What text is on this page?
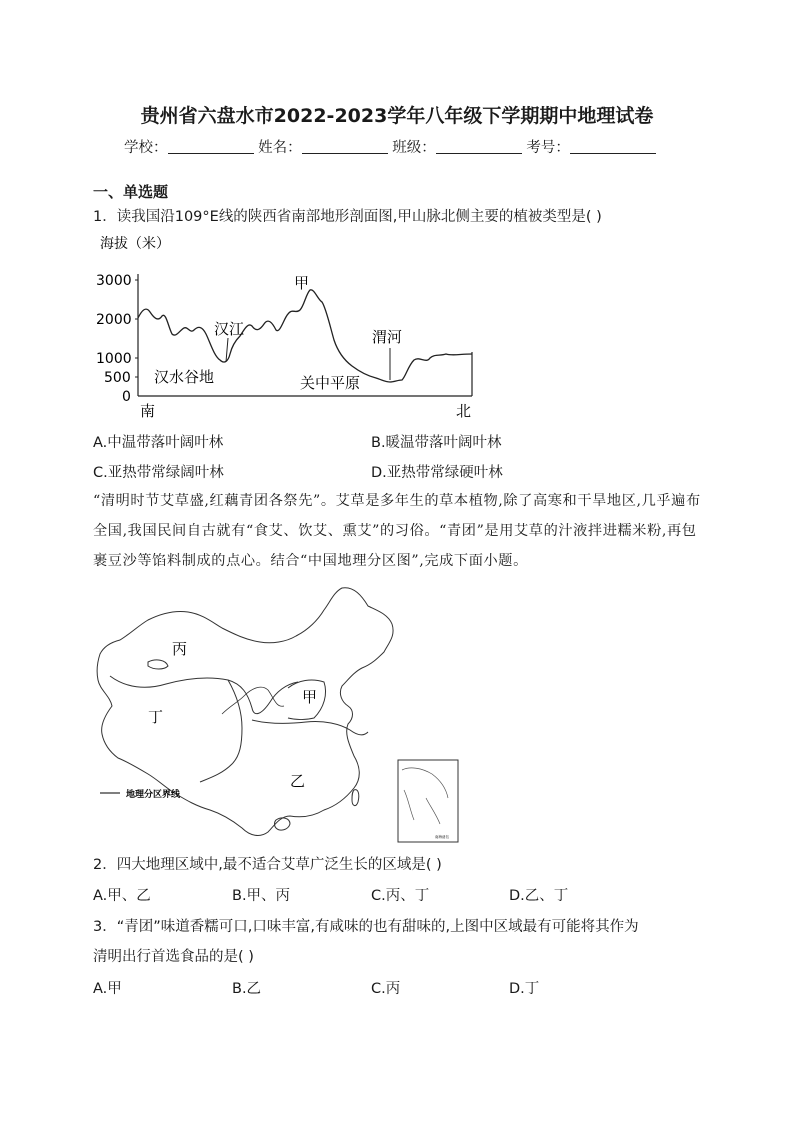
贵州省六盘水市2022-2023学年八年级下学期期中地理试卷
学校：	姓名：	班级：	考号：
一、单选题
1．读我国沿109°E线的陕西省南部地形剖面图,甲山脉北侧主要的植被类型是( )
海拔（米）
3000
2000
1000
500
0
甲
汉江	渭河
汉水谷地	关中平原
南	北
A.中温带落叶阔叶林	B.暖温带落叶阔叶林
C.亚热带常绿阔叶林	D.亚热带常绿硬叶林
“清明时节艾草盛,红藕青团各祭先”。艾草是多年生的草本植物,除了高寒和干旱地区,几乎遍布全国,我国民间自古就有“食艾、饮艾、熏艾”的习俗。“青团”是用艾草的汁液拌进糯米粉,再包裹豆沙等馅料制成的点心。结合“中国地理分区图”,完成下面小题。
丙
甲
丁
乙
地理分区界线
南海诸岛
2．四大地理区域中,最不适合艾草广泛生长的区域是( )
A.甲、乙	B.甲、丙	C.丙、丁	D.乙、丁
3．“青团”味道香糯可口,口味丰富,有咸味的也有甜味的,上图中区域最有可能将其作为
清明出行首选食品的是( )
A.甲	B.乙	C.丙	D.丁
